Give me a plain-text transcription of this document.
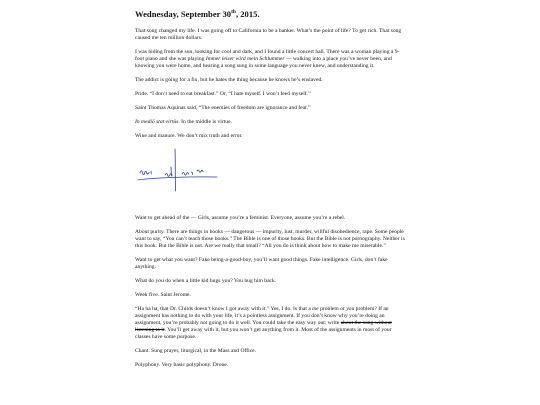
Wednesday, September 30th, 2015.

That song changed my life. I was going off to California to be a banker. What’s the point of life? To get rich. That song caused me ten million dollars.

I was hiding from the sun, looking for cool and dark, and I found a little concert hall. There was a woman playing a 9-foot piano and she was playing Immer leiser wird mein Schlummer — walking into a place you’ve never been, and knowing you were home, and hearing a song sung in some language you never knew, and understanding it.

The addict is going for a fix, but he hates the thing because he knows he’s enslaved.

Pride. “I don’t need to eat breakfast.” Or, “I hate myself. I won’t feed myself.”

Saint Thomas Aquinas said, “The enemies of freedom are ignorance and fear.”

In mediō stat virtūs. In the middle is virtue.

Wine and manure. We don’t mix truth and error.

Want to get ahead of the — Girls, assume you’re a feminist. Everyone, assume you’re a rebel.

About purity. There are things in books — dangerous — impurity, lust, murder, willful disobedience, rape. Some people want to say, “You can’t teach those books.” The Bible is one of those books. But the Bible is not pornography. Neither is this book. But the Bible is not. Are we really that small? “All you do is think about how to make me miserable.”

Want to get what you want? Fake being-a-good-boy, you’ll want good things. Fake intelligence. Girls, don’t fake anything.

What do you do when a little kid hugs you? You hug him back.

Week five. Saint Jerome.

“Ha ha ha, that Dr. Childs doesn’t know I got away with it.” Yes, I do. Is that a me problem or you problem? If an assignment has nothing to do with your life, it’s a pointless assignment. If you don’t know why you’re doing an assignment, you’re probably not going to do it well. You could take the easy way out: write about the song without listening to it. You’ll get away with it, but you won’t get anything from it. Most of the assignments in most of your classes have some purpose.

Chant. Sung prayer, liturgical, in the Mass and Office.

Polyphony. Very basic polyphony. Drone.
